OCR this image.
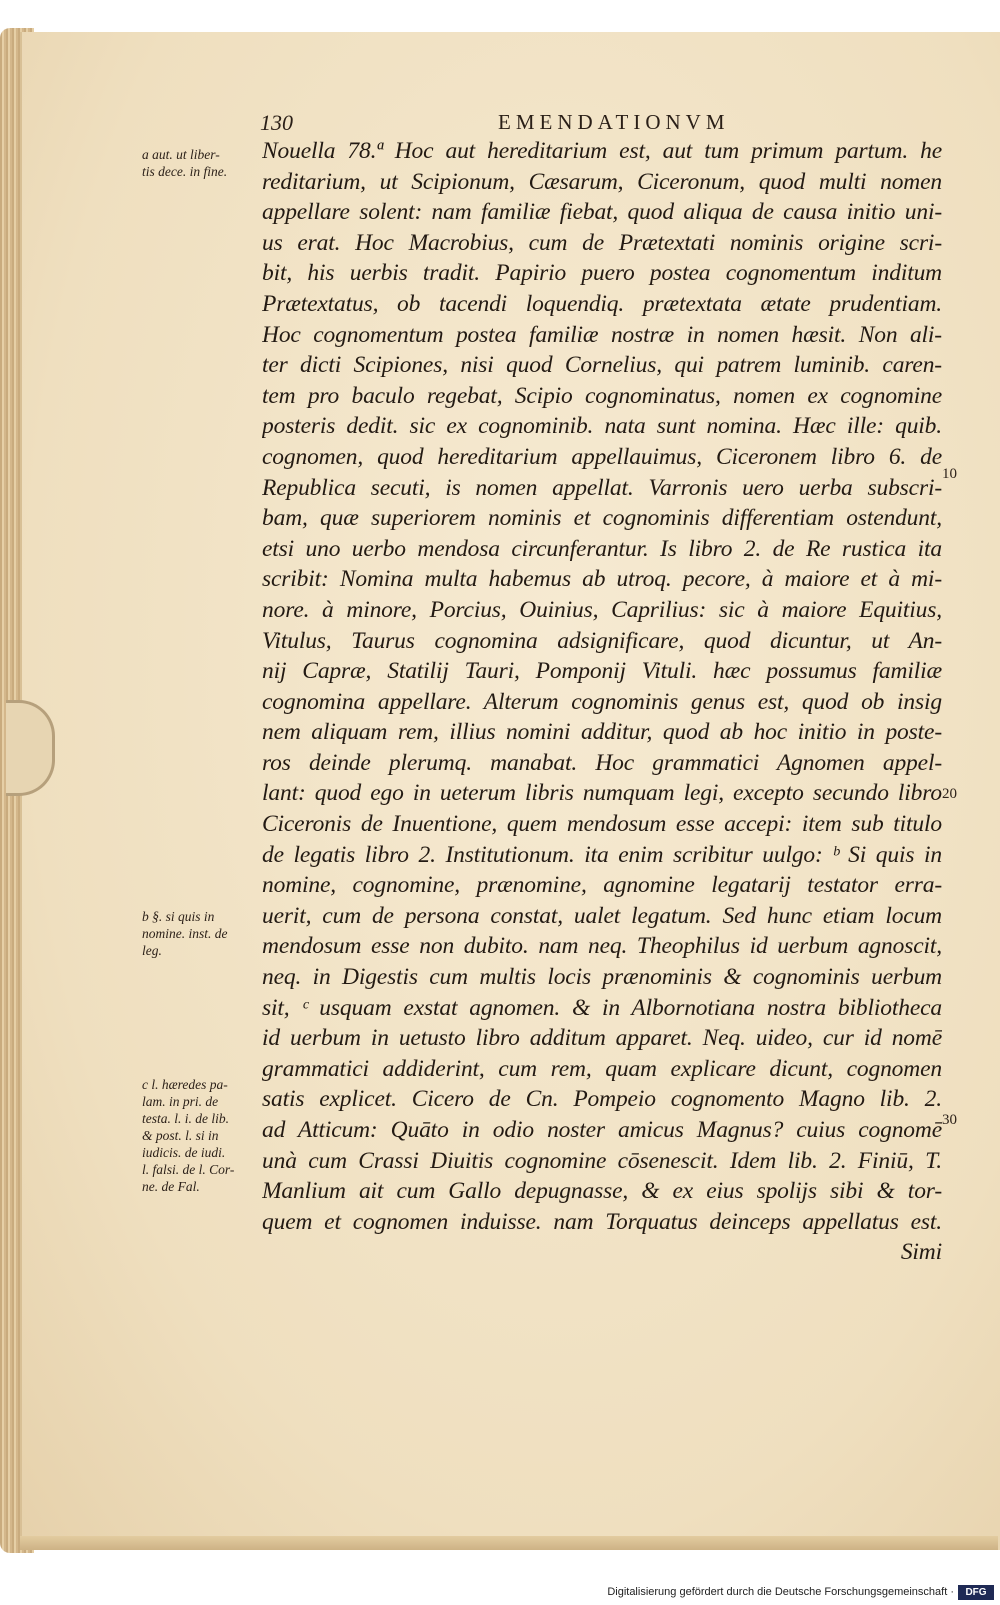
130	EMENDATIONVM
a aut. ut liber-
tis dece. in fine.
b §. si quis in
nomine. inst. de
leg.
c l. hæredes pa-
lam. in pri. de
testa. l. i. de lib.
& post. l. si in
iudicis. de iudi.
l. falsi. de l. Cor-
ne. de Fal.
10
20
30
Nouella 78.ª Hoc aut hereditarium est, aut tum primum partum. he
reditarium, ut Scipionum, Cæsarum, Ciceronum, quod multi nomen
appellare solent: nam familiæ fiebat, quod aliqua de causa initio uni-
us erat. Hoc Macrobius, cum de Prætextati nominis origine scri-
bit, his uerbis tradit. Papirio puero postea cognomentum inditum
Prætextatus, ob tacendi loquendiq. prætextata ætate prudentiam.
Hoc cognomentum postea familiæ nostræ in nomen hæsit. Non ali-
ter dicti Scipiones, nisi quod Cornelius, qui patrem luminib. caren-
tem pro baculo regebat, Scipio cognominatus, nomen ex cognomine
posteris dedit. sic ex cognominib. nata sunt nomina. Hæc ille: quib.
cognomen, quod hereditarium appellauimus, Ciceronem libro 6. de
Republica secuti, is nomen appellat. Varronis uero uerba subscri-
bam, quæ superiorem nominis et cognominis differentiam ostendunt,
etsi uno uerbo mendosa circunferantur. Is libro 2. de Re rustica ita
scribit: Nomina multa habemus ab utroq. pecore, à maiore et à mi-
nore. à minore, Porcius, Ouinius, Caprilius: sic à maiore Equitius,
Vitulus, Taurus cognomina adsignificare, quod dicuntur, ut An-
nij Capræ, Statilij Tauri, Pomponij Vituli. hæc possumus familiæ
cognomina appellare. Alterum cognominis genus est, quod ob insig
nem aliquam rem, illius nomini additur, quod ab hoc initio in poste-
ros deinde plerumq. manabat. Hoc grammatici Agnomen appel-
lant: quod ego in ueterum libris numquam legi, excepto secundo libro
Ciceronis de Inuentione, quem mendosum esse accepi: item sub titulo
de legatis libro 2. Institutionum. ita enim scribitur uulgo: ᵇ Si quis in
nomine, cognomine, prænomine, agnomine legatarij testator erra-
uerit, cum de persona constat, ualet legatum. Sed hunc etiam locum
mendosum esse non dubito. nam neq. Theophilus id uerbum agnoscit,
neq. in Digestis cum multis locis prænominis & cognominis uerbum
sit, ᶜ usquam exstat agnomen. & in Albornotiana nostra bibliotheca
id uerbum in uetusto libro additum apparet. Neq. uideo, cur id nomē
grammatici addiderint, cum rem, quam explicare dicunt, cognomen
satis explicet. Cicero de Cn. Pompeio cognomento Magno lib. 2.
ad Atticum: Quāto in odio noster amicus Magnus? cuius cognomē
unà cum Crassi Diuitis cognomine cōsenescit. Idem lib. 2. Finiū, T.
Manlium ait cum Gallo depugnasse, & ex eius spolijs sibi & tor-
quem et cognomen induisse. nam Torquatus deinceps appellatus est.
Simi
Digitalisierung gefördert durch die Deutsche Forschungsgemeinschaft ·	DFG
